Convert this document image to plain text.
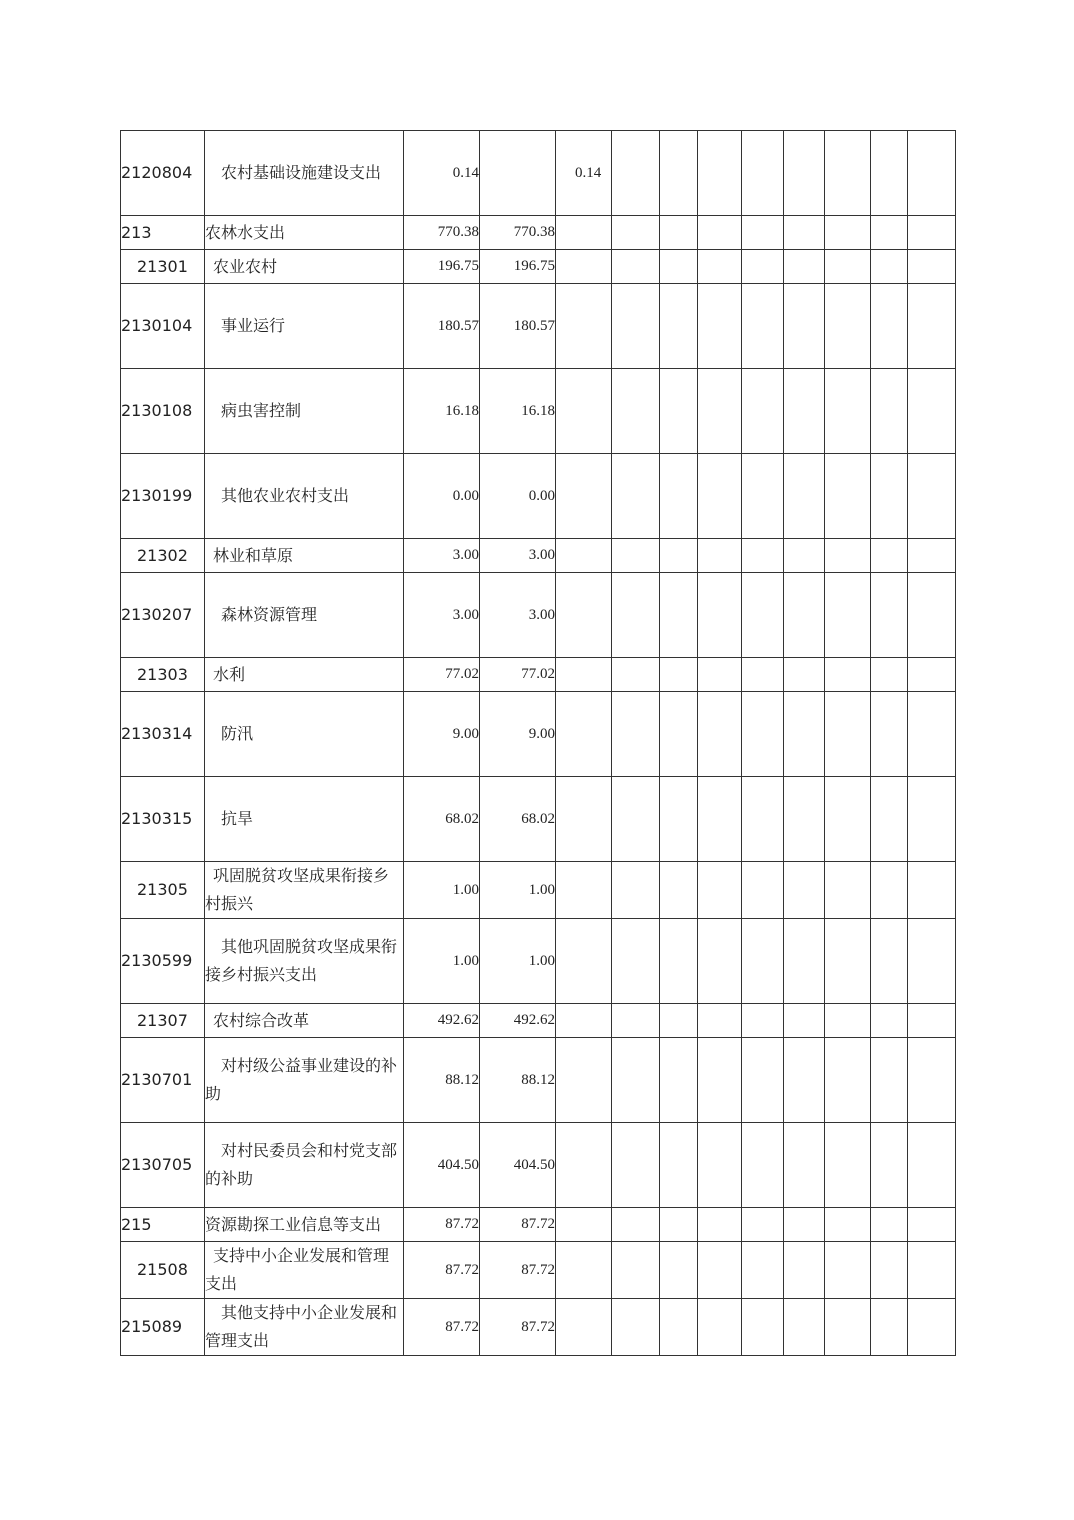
2120804	农村基础设施建设支出	0.14		0.14								
213	农林水支出	770.38	770.38									
21301	农业农村	196.75	196.75									
2130104	事业运行	180.57	180.57									
2130108	病虫害控制	16.18	16.18									
2130199	其他农业农村支出	0.00	0.00									
21302	林业和草原	3.00	3.00									
2130207	森林资源管理	3.00	3.00									
21303	水利	77.02	77.02									
2130314	防汛	9.00	9.00									
2130315	抗旱	68.02	68.02									
21305	巩固脱贫攻坚成果衔接乡村振兴	1.00	1.00									
2130599	其他巩固脱贫攻坚成果衔接乡村振兴支出	1.00	1.00									
21307	农村综合改革	492.62	492.62									
2130701	对村级公益事业建设的补助	88.12	88.12									
2130705	对村民委员会和村党支部的补助	404.50	404.50									
215	资源勘探工业信息等支出	87.72	87.72									
21508	支持中小企业发展和管理支出	87.72	87.72									
215089	其他支持中小企业发展和管理支出	87.72	87.72									
